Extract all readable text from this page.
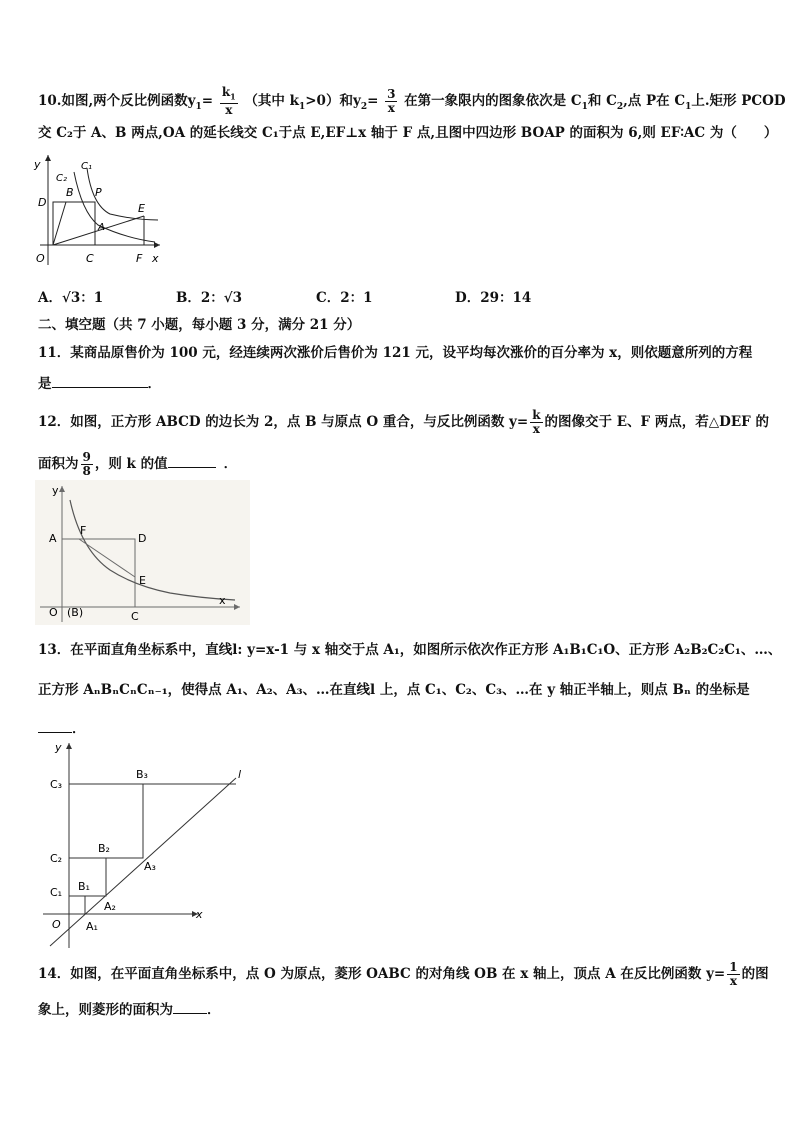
10.如图,两个反比例函数$y_1= \frac{k_1}{x}$ （其中 $k_1>0$）和$y_2= \frac{3}{x}$ 在第一象限内的图象依次是 $C_1$和 $C_2$,点 P在 $C_1$上.矩形 PCOD
交 C₂于 A、B 两点,OA 的延长线交 C₁于点 E,EF⊥x 轴于 F 点,且图中四边形 BOAP 的面积为 6,则 EF∶AC 为（　　）
y
C₂
C₁
B P
D	E
A
O	C	F x
A．√3：1	B．2：√3	C．2：1	D．29：14
二、填空题（共 7 小题，每小题 3 分，满分 21 分）
11．某商品原售价为 100 元，经连续两次涨价后售价为 121 元，设平均每次涨价的百分率为 x，则依题意所列的方程
是	．
12．如图，正方形 ABCD 的边长为 2，点 B 与原点 O 重合，与反比例函数 $y= \frac{k}{x}$ 的图像交于 E、F 两点，若△DEF 的
面积为 $\frac{9}{8}$ ，则 k 的值	．
y
A
F
D
E
O (B)	C
x
13．在平面直角坐标系中，直线l: y=x-1 与 x 轴交于点 A₁，如图所示依次作正方形 A₁B₁C₁O、正方形 A₂B₂C₂C₁、…、
正方形 AₙBₙCₙCₙ₋₁，使得点 A₁、A₂、A₃、…在直线l 上，点 C₁、C₂、C₃、…在 y 轴正半轴上，则点 Bₙ 的坐标是
．
y
C₃
B₃	l
C₂
B₂
A₃
C₁ B₁
A₂
O A₁
x
14．如图，在平面直角坐标系中，点 O 为原点，菱形 OABC 的对角线 OB 在 x 轴上，顶点 A 在反比例函数 $y= \frac{1}{x}$ 的图
象上，则菱形的面积为	．
